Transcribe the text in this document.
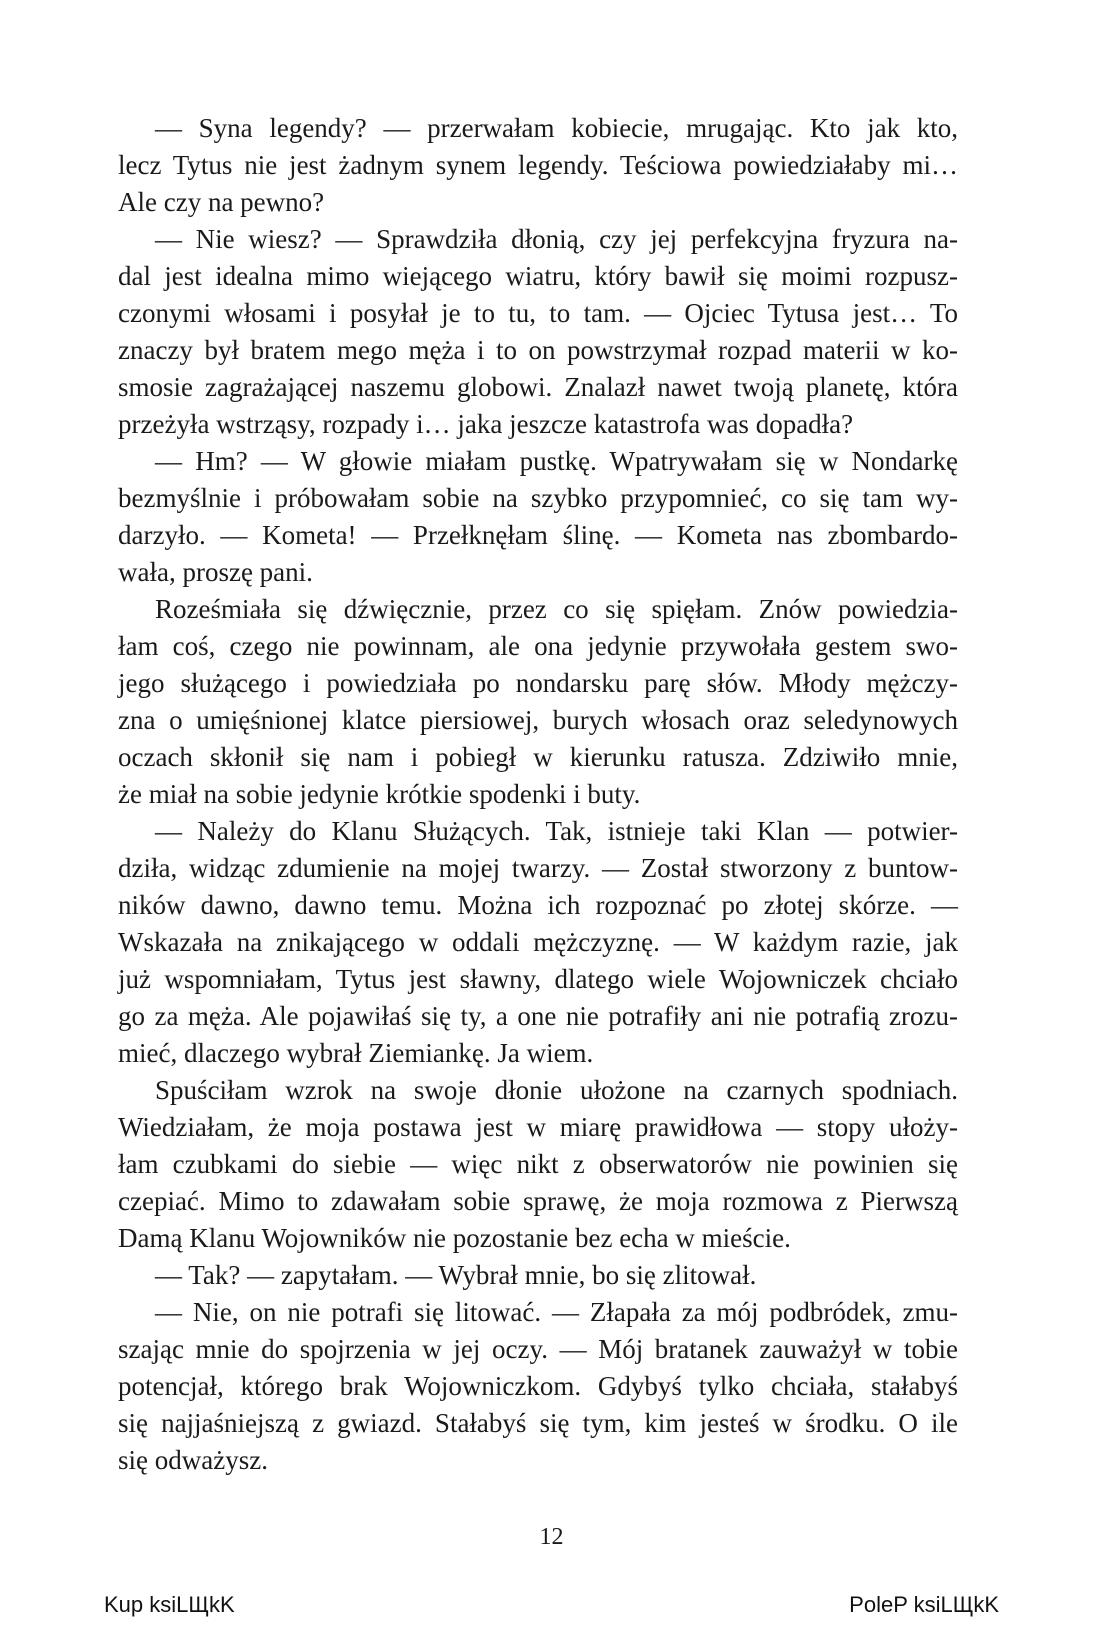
— Syna legendy? — przerwałam kobiecie, mrugając. Kto jak kto,
lecz Tytus nie jest żadnym synem legendy. Teściowa powiedziałaby mi…
Ale czy na pewno?
— Nie wiesz? — Sprawdziła dłonią, czy jej perfekcyjna fryzura na-
dal jest idealna mimo wiejącego wiatru, który bawił się moimi rozpusz-
czonymi włosami i posyłał je to tu, to tam. — Ojciec Tytusa jest… To
znaczy był bratem mego męża i to on powstrzymał rozpad materii w ko-
smosie zagrażającej naszemu globowi. Znalazł nawet twoją planetę, która
przeżyła wstrząsy, rozpady i… jaka jeszcze katastrofa was dopadła?
— Hm? — W głowie miałam pustkę. Wpatrywałam się w Nondarkę
bezmyślnie i próbowałam sobie na szybko przypomnieć, co się tam wy-
darzyło. — Kometa! — Przełknęłam ślinę. — Kometa nas zbombardo-
wała, proszę pani.
Roześmiała się dźwięcznie, przez co się spięłam. Znów powiedzia-
łam coś, czego nie powinnam, ale ona jedynie przywołała gestem swo-
jego służącego i powiedziała po nondarsku parę słów. Młody mężczy-
zna o umięśnionej klatce piersiowej, burych włosach oraz seledynowych
oczach skłonił się nam i pobiegł w kierunku ratusza. Zdziwiło mnie,
że miał na sobie jedynie krótkie spodenki i buty.
— Należy do Klanu Służących. Tak, istnieje taki Klan — potwier-
dziła, widząc zdumienie na mojej twarzy. — Został stworzony z buntow-
ników dawno, dawno temu. Można ich rozpoznać po złotej skórze. —
Wskazała na znikającego w oddali mężczyznę. — W każdym razie, jak
już wspomniałam, Tytus jest sławny, dlatego wiele Wojowniczek chciało
go za męża. Ale pojawiłaś się ty, a one nie potrafiły ani nie potrafią zrozu-
mieć, dlaczego wybrał Ziemiankę. Ja wiem.
Spuściłam wzrok na swoje dłonie ułożone na czarnych spodniach.
Wiedziałam, że moja postawa jest w miarę prawidłowa — stopy ułoży-
łam czubkami do siebie — więc nikt z obserwatorów nie powinien się
czepiać. Mimo to zdawałam sobie sprawę, że moja rozmowa z Pierwszą
Damą Klanu Wojowników nie pozostanie bez echa w mieście.
— Tak? — zapytałam. — Wybrał mnie, bo się zlitował.
— Nie, on nie potrafi się litować. — Złapała za mój podbródek, zmu-
szając mnie do spojrzenia w jej oczy. — Mój bratanek zauważył w tobie
potencjał, którego brak Wojowniczkom. Gdybyś tylko chciała, stałabyś
się najjaśniejszą z gwiazd. Stałabyś się tym, kim jesteś w środku. O ile
się odważysz.
12
Kup ksiLЩkK	PoleP ksiLЩkK
